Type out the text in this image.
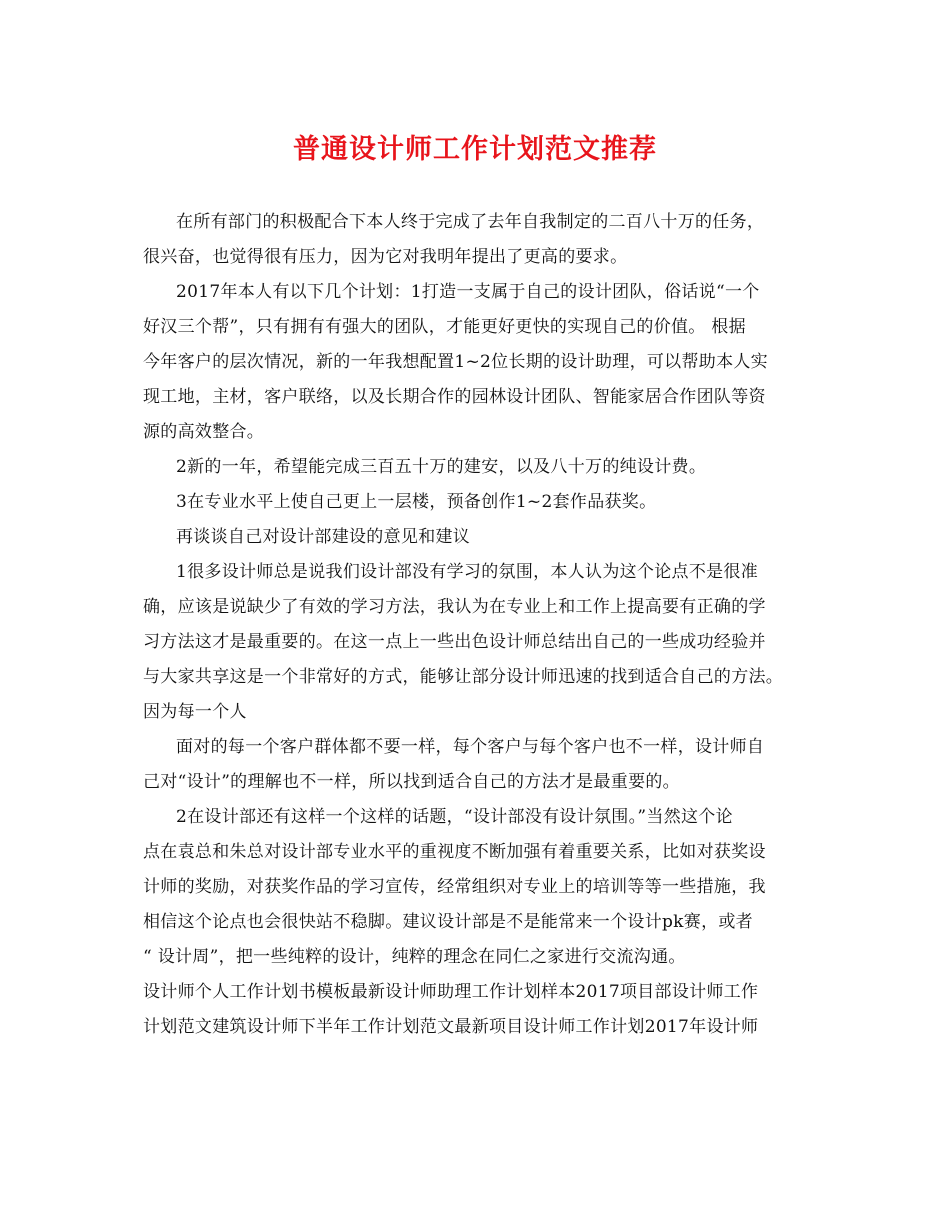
普通设计师工作计划范文推荐
在所有部门的积极配合下本人终于完成了去年自我制定的二百八十万的任务，
很兴奋，也觉得很有压力，因为它对我明年提出了更高的要求。
2017年本人有以下几个计划：1打造一支属于自己的设计团队，俗话说“一个
好汉三个帮”，只有拥有有强大的团队，才能更好更快的实现自己的价值。 根据
今年客户的层次情况，新的一年我想配置1~2位长期的设计助理，可以帮助本人实
现工地，主材，客户联络，以及长期合作的园林设计团队、智能家居合作团队等资
源的高效整合。
2新的一年，希望能完成三百五十万的建安，以及八十万的纯设计费。
3在专业水平上使自己更上一层楼，预备创作1~2套作品获奖。
再谈谈自己对设计部建设的意见和建议
1很多设计师总是说我们设计部没有学习的氛围，本人认为这个论点不是很准
确，应该是说缺少了有效的学习方法，我认为在专业上和工作上提高要有正确的学
习方法这才是最重要的。在这一点上一些出色设计师总结出自己的一些成功经验并
与大家共享这是一个非常好的方式，能够让部分设计师迅速的找到适合自己的方法。
因为每一个人
面对的每一个客户群体都不要一样，每个客户与每个客户也不一样，设计师自
己对“设计”的理解也不一样，所以找到适合自己的方法才是最重要的。
2在设计部还有这样一个这样的话题，“设计部没有设计氛围。”当然这个论
点在袁总和朱总对设计部专业水平的重视度不断加强有着重要关系，比如对获奖设
计师的奖励，对获奖作品的学习宣传，经常组织对专业上的培训等等一些措施，我
相信这个论点也会很快站不稳脚。建议设计部是不是能常来一个设计pk赛，或者
“ 设计周”，把一些纯粹的设计，纯粹的理念在同仁之家进行交流沟通。
设计师个人工作计划书模板最新设计师助理工作计划样本2017项目部设计师工作
计划范文建筑设计师下半年工作计划范文最新项目设计师工作计划2017年设计师
